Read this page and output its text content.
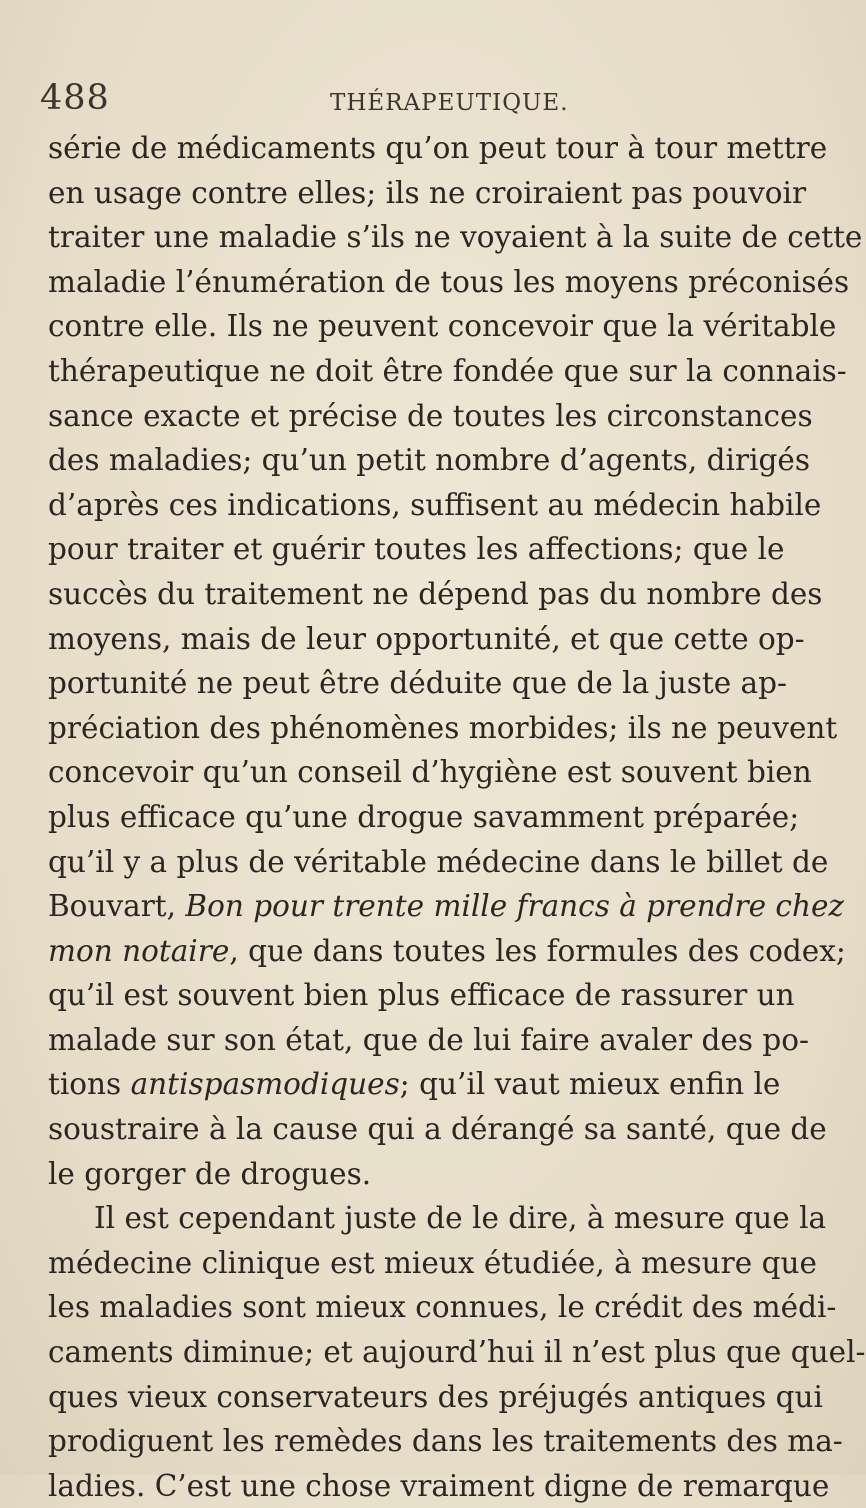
488	THÉRAPEUTIQUE.
série de médicaments qu’on peut tour à tour mettre
en usage contre elles; ils ne croiraient pas pouvoir
traiter une maladie s’ils ne voyaient à la suite de cette
maladie l’énumération de tous les moyens préconisés
contre elle. Ils ne peuvent concevoir que la véritable
thérapeutique ne doit être fondée que sur la connais-
sance exacte et précise de toutes les circonstances
des maladies; qu’un petit nombre d’agents, dirigés
d’après ces indications, suffisent au médecin habile
pour traiter et guérir toutes les affections; que le
succès du traitement ne dépend pas du nombre des
moyens, mais de leur opportunité, et que cette op-
portunité ne peut être déduite que de la juste ap-
préciation des phénomènes morbides; ils ne peuvent
concevoir qu’un conseil d’hygiène est souvent bien
plus efficace qu’une drogue savamment préparée;
qu’il y a plus de véritable médecine dans le billet de
Bouvart, Bon pour trente mille francs à prendre chez
mon notaire, que dans toutes les formules des codex;
qu’il est souvent bien plus efficace de rassurer un
malade sur son état, que de lui faire avaler des po-
tions antispasmodiques; qu’il vaut mieux enfin le
soustraire à la cause qui a dérangé sa santé, que de
le gorger de drogues.
Il est cependant juste de le dire, à mesure que la
médecine clinique est mieux étudiée, à mesure que
les maladies sont mieux connues, le crédit des médi-
caments diminue; et aujourd’hui il n’est plus que quel-
ques vieux conservateurs des préjugés antiques qui
prodiguent les remèdes dans les traitements des ma-
ladies. C’est une chose vraiment digne de remarque
